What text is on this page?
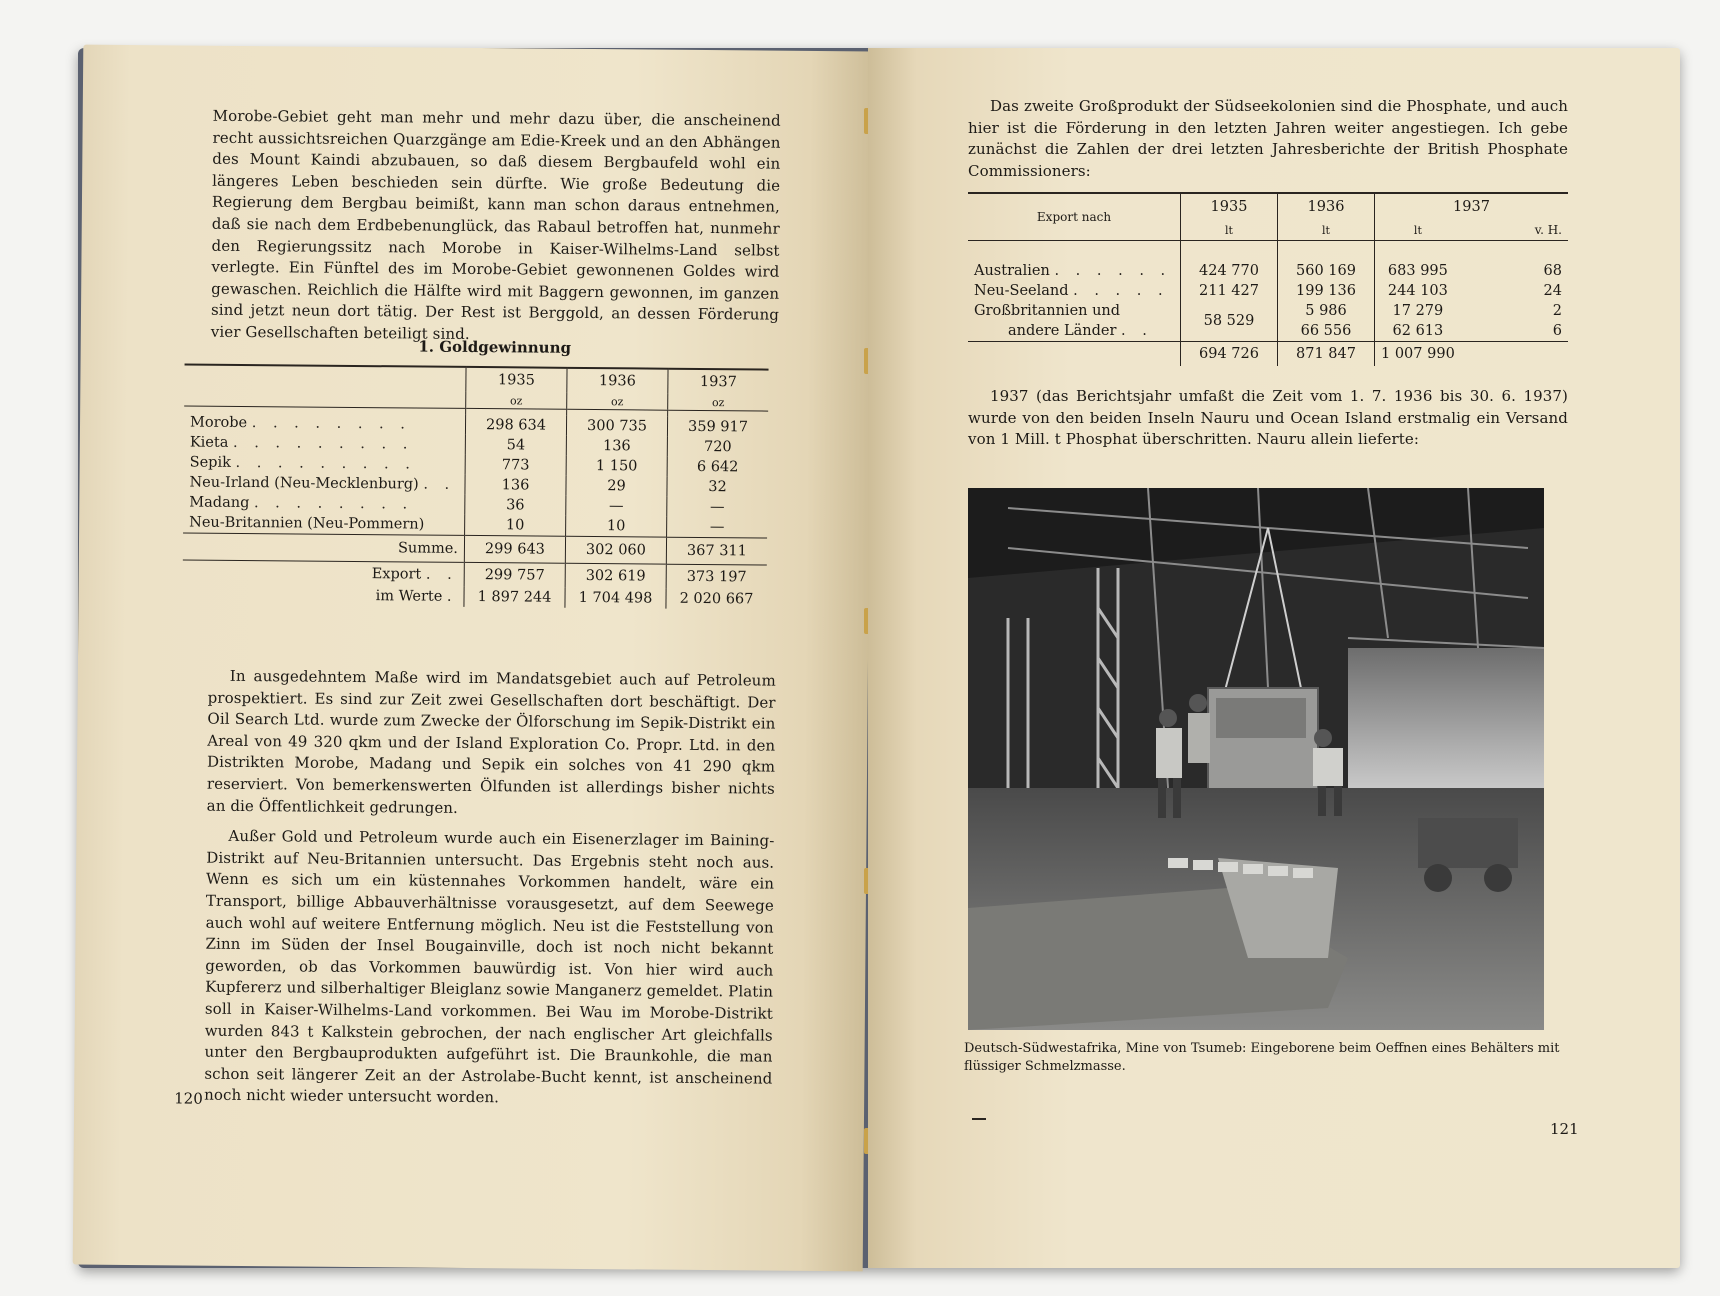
Morobe-Gebiet geht man mehr und mehr dazu über, die anscheinend recht aussichtsreichen Quarzgänge am Edie-Kreek und an den Abhängen des Mount Kaindi abzubauen, so daß diesem Bergbaufeld wohl ein längeres Leben beschieden sein dürfte. Wie große Bedeutung die Regierung dem Bergbau beimißt, kann man schon daraus entnehmen, daß sie nach dem Erdbebenunglück, das Rabaul betroffen hat, nunmehr den Regierungssitz nach Morobe in Kaiser-Wilhelms-Land selbst verlegte. Ein Fünftel des im Morobe-Gebiet gewonnenen Goldes wird gewaschen. Reichlich die Hälfte wird mit Baggern gewonnen, im ganzen sind jetzt neun dort tätig. Der Rest ist Berggold, an dessen Förderung vier Gesellschaften beteiligt sind.

1. Goldgewinnung
	1935	1936	1937
	oz	oz	oz

Morobe . . . . . . . .	298 634	300 735	359 917
Kieta . . . . . . . . .	54	136	720
Sepik . . . . . . . . .	773	1 150	6 642
Neu-Irland (Neu-Mecklenburg) . .	136	29	32
Madang . . . . . . . .	36	—	—
Neu-Britannien (Neu-Pommern)	10	10	—
Summe.	299 643	302 060	367 311
Export . .	299 757	302 619	373 197
im Werte .	1 897 244	1 704 498	2 020 667

In ausgedehntem Maße wird im Mandatsgebiet auch auf Petroleum prospektiert. Es sind zur Zeit zwei Gesellschaften dort beschäftigt. Der Oil Search Ltd. wurde zum Zwecke der Ölforschung im Sepik-Distrikt ein Areal von 49 320 qkm und der Island Exploration Co. Propr. Ltd. in den Distrikten Morobe, Madang und Sepik ein solches von 41 290 qkm reserviert. Von bemerkenswerten Ölfunden ist allerdings bisher nichts an die Öffentlichkeit gedrungen.

Außer Gold und Petroleum wurde auch ein Eisenerzlager im Baining-Distrikt auf Neu-Britannien untersucht. Das Ergebnis steht noch aus. Wenn es sich um ein küstennahes Vorkommen handelt, wäre ein Transport, billige Abbauverhältnisse vorausgesetzt, auf dem Seewege auch wohl auf weitere Entfernung möglich. Neu ist die Feststellung von Zinn im Süden der Insel Bougainville, doch ist noch nicht bekannt geworden, ob das Vorkommen bauwürdig ist. Von hier wird auch Kupfererz und silberhaltiger Bleiglanz sowie Manganerz gemeldet. Platin soll in Kaiser-Wilhelms-Land vorkommen. Bei Wau im Morobe-Distrikt wurden 843 t Kalkstein gebrochen, der nach englischer Art gleichfalls unter den Bergbauprodukten aufgeführt ist. Die Braunkohle, die man schon seit längerer Zeit an der Astrolabe-Bucht kennt, ist anscheinend noch nicht wieder untersucht worden.

120

Das zweite Großprodukt der Südseekolonien sind die Phosphate, und auch hier ist die Förderung in den letzten Jahren weiter angestiegen. Ich gebe zunächst die Zahlen der drei letzten Jahresberichte der British Phosphate Commissioners:

Export nach	1935	1936	1937	
	lt	lt	lt	v. H.

Australien . . . . . .	424 770	560 169	683 995	68
Neu-Seeland . . . . .	211 427	199 136	244 103	24
Großbritannien und	58 529	5 986	17 279	2
andere Länder . .		66 556	62 613	6
	694 726	871 847	1 007 990	

1937 (das Berichtsjahr umfaßt die Zeit vom 1. 7. 1936 bis 30. 6. 1937) wurde von den beiden Inseln Nauru und Ocean Island erstmalig ein Versand von 1 Mill. t Phosphat überschritten. Nauru allein lieferte:

Deutsch-Südwestafrika, Mine von Tsumeb: Eingeborene beim Oeffnen eines Behälters mit flüssiger Schmelzmasse.
121
